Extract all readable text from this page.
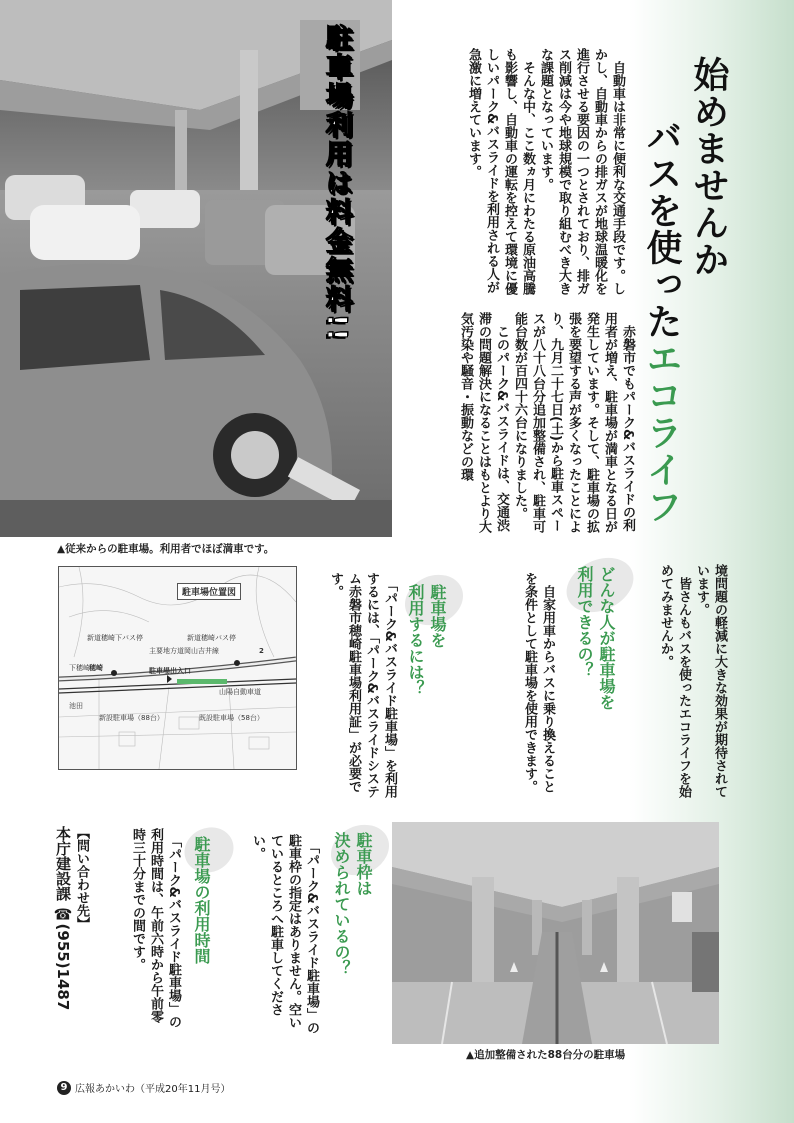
駐車場利用は料金無料!!
▲従来からの駐車場。利用者でほぼ満車です。
始めませんか
バスを使ったエコライフ

　自動車は非常に便利な交通手段です。しかし、自動車からの排ガスが地球温暖化を進行させる要因の一つとされており、排ガス削減は今や地球規模で取り組むべき大きな課題となっています。

　そんな中、ここ数ヵ月にわたる原油高騰も影響し、自動車の運転を控えて環境に優しいパーク&バスライドを利用される人が急激に増えています。

　赤磐市でもパーク&バスライドの利用者が増え、駐車場が満車となる日が発生しています。そして、駐車場の拡張を要望する声が多くなったことにより、九月二十七日(土)から駐車スペースが八十八台分追加整備され、駐車可能台数が百四十六台になりました。

　このパーク&バスライドは、交通渋滞の問題解決になることはもとより大気汚染や騒音・振動などの環

境問題の軽減に大きな効果が期待されています。

　皆さんもバスを使ったエコライフを始めてみませんか。

どんな人が駐車場を
利用できるの？
　自家用車からバスに乗り換えることを条件として駐車場を使用できます。
駐車場を
利用するには？
　「パーク&バスライド駐車場」を利用するには、「パーク&バスライドシステム赤磐市穂崎駐車場利用証」が必要です。
駐車場位置図
新道穂崎下バス停	新道穂崎バス停
主要地方道岡山吉井線
駐車場出入口
穂崎
下穂崎
2
山陽自動車道
池田
新設駐車場（88台）	既設駐車場（58台）
駐車枠は
決められているの？
　「パーク&バスライド駐車場」の駐車枠の指定はありません。空いているところへ駐車してください。
駐車場の利用時間
　「パーク&バスライド駐車場」の利用時間は、午前六時から午前零時三十分までの間です。
【問い合わせ先】
本庁建設課 ☎(955)1487
▲追加整備された88台分の駐車場
9 広報あかいわ（平成20年11月号）
